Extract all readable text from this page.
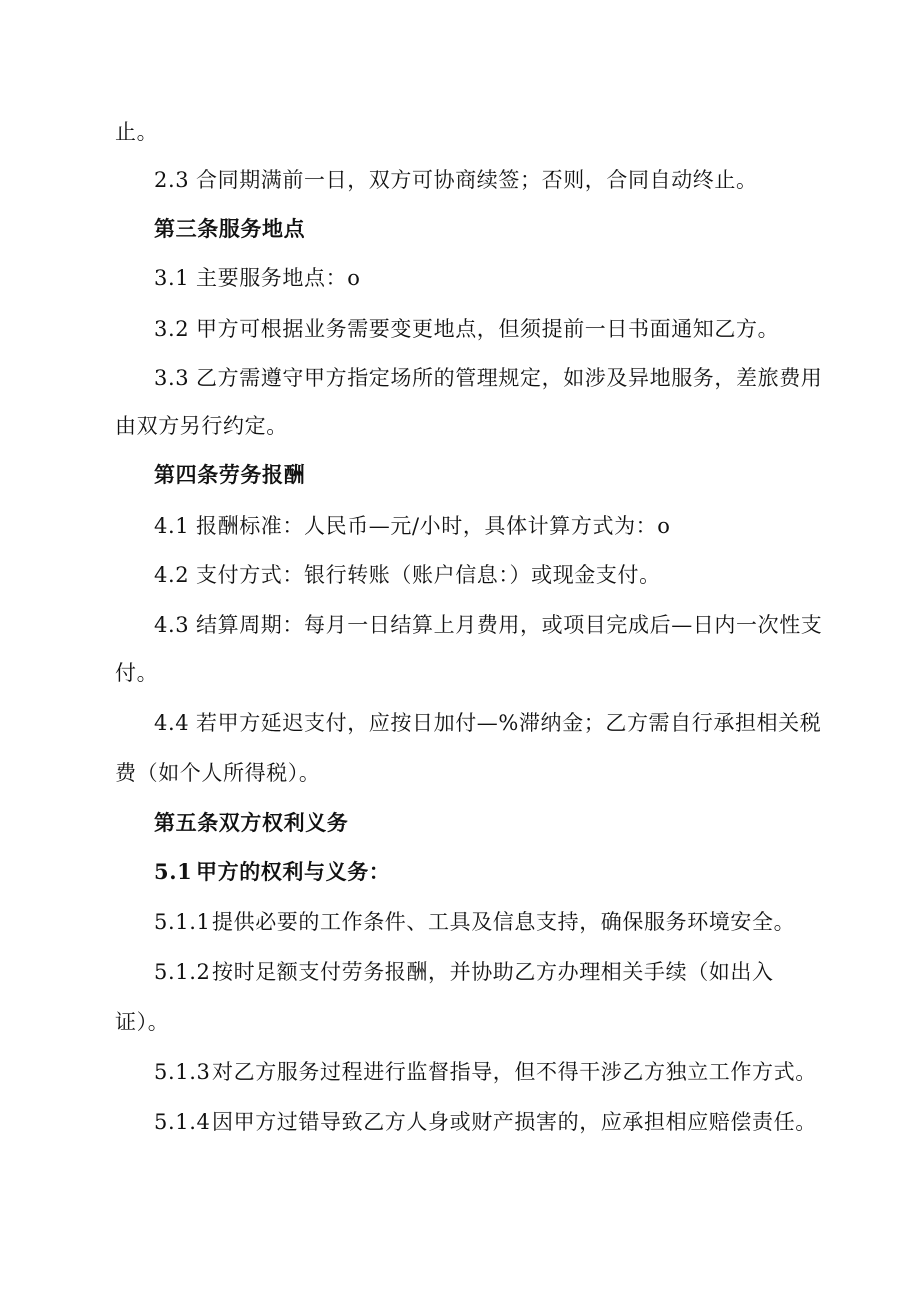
止。
2.3 合同期满前一日，双方可协商续签；否则，合同自动终止。
第三条服务地点
3.1 主要服务地点：o
3.2 甲方可根据业务需要变更地点，但须提前一日书面通知乙方。
3.3 乙方需遵守甲方指定场所的管理规定，如涉及异地服务，差旅费用
由双方另行约定。
第四条劳务报酬
4.1 报酬标准：人民币—元/小时，具体计算方式为：o
4.2 支付方式：银行转账（账户信息：）或现金支付。
4.3 结算周期：每月一日结算上月费用，或项目完成后—日内一次性支
付。
4.4 若甲方延迟支付，应按日加付—%滞纳金；乙方需自行承担相关税
费（如个人所得税）。
第五条双方权利义务
5.1 甲方的权利与义务：
5.1.1提供必要的工作条件、工具及信息支持，确保服务环境安全。
5.1.2按时足额支付劳务报酬，并协助乙方办理相关手续（如出入
证）。
5.1.3对乙方服务过程进行监督指导，但不得干涉乙方独立工作方式。
5.1.4因甲方过错导致乙方人身或财产损害的，应承担相应赔偿责任。
